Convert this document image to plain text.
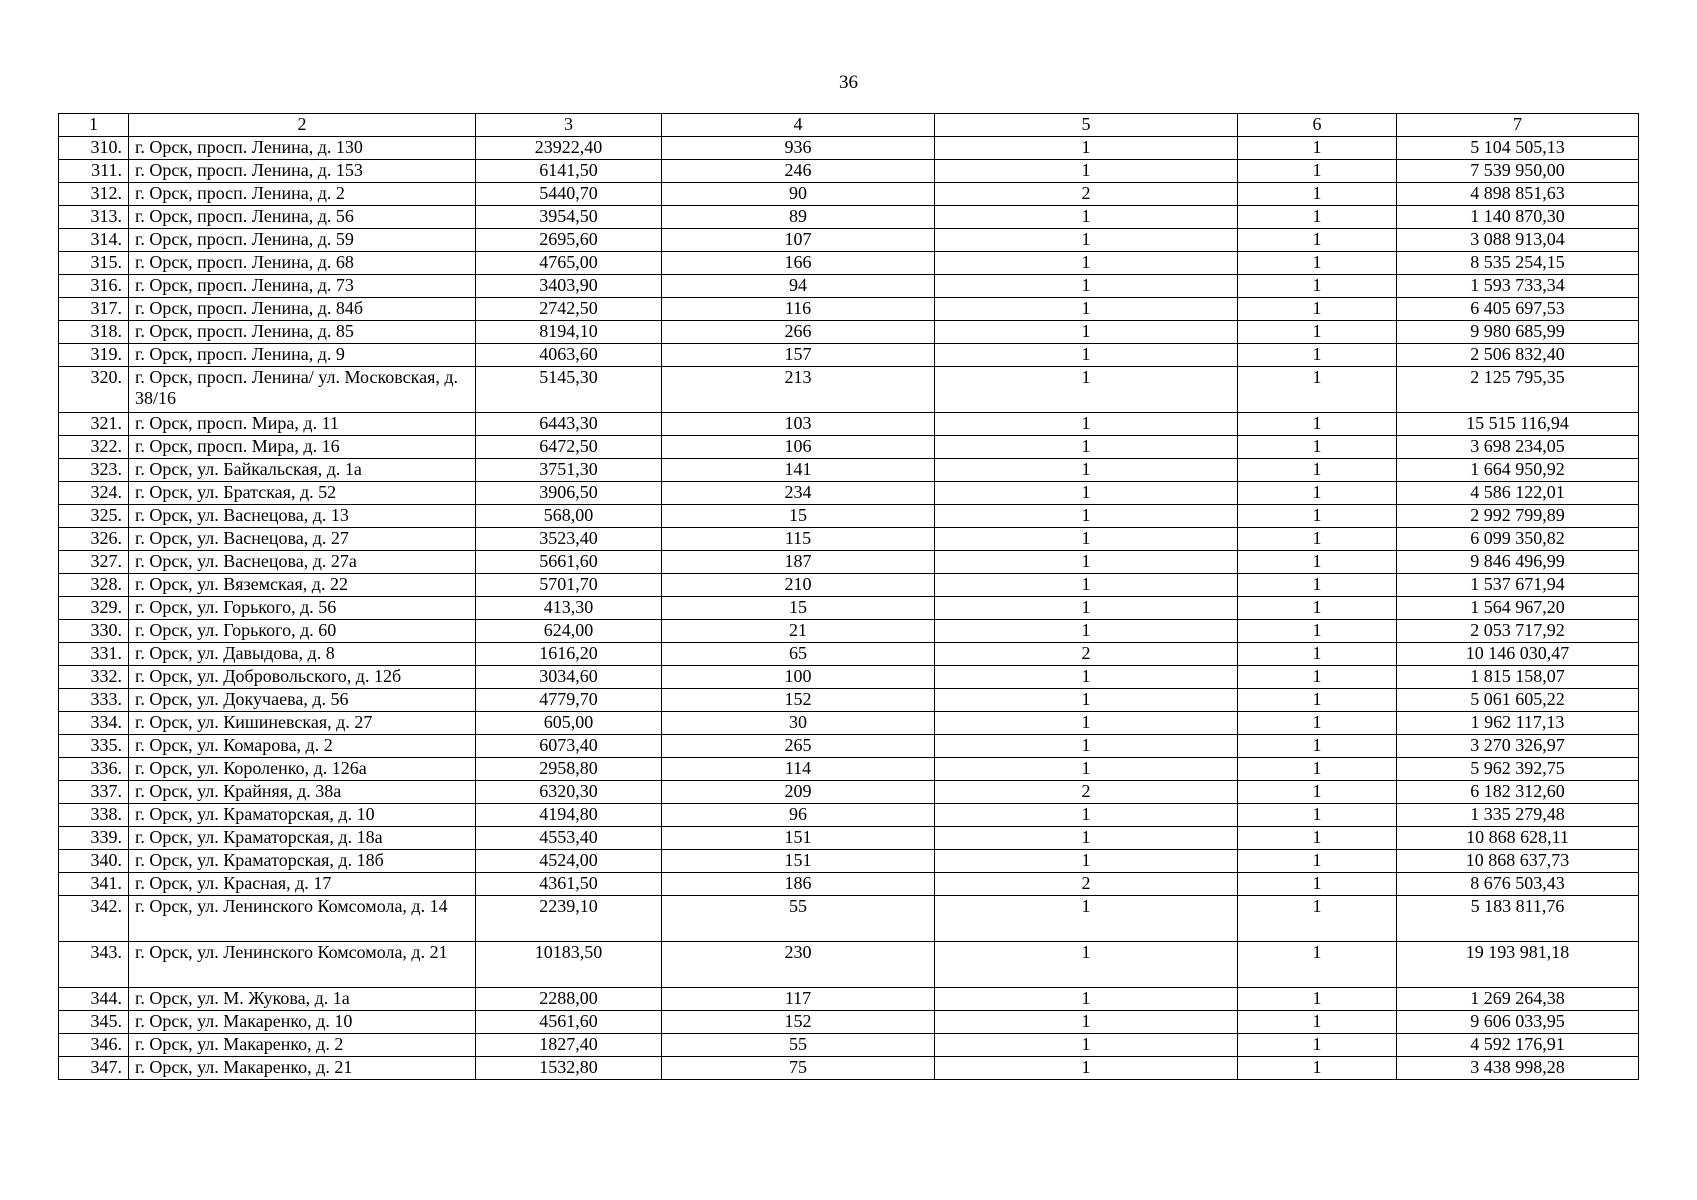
36
1	2	3	4	5	6	7
310.	г. Орск, просп. Ленина, д. 130	23922,40	936	1	1	5 104 505,13
311.	г. Орск, просп. Ленина, д. 153	6141,50	246	1	1	7 539 950,00
312.	г. Орск, просп. Ленина, д. 2	5440,70	90	2	1	4 898 851,63
313.	г. Орск, просп. Ленина, д. 56	3954,50	89	1	1	1 140 870,30
314.	г. Орск, просп. Ленина, д. 59	2695,60	107	1	1	3 088 913,04
315.	г. Орск, просп. Ленина, д. 68	4765,00	166	1	1	8 535 254,15
316.	г. Орск, просп. Ленина, д. 73	3403,90	94	1	1	1 593 733,34
317.	г. Орск, просп. Ленина, д. 84б	2742,50	116	1	1	6 405 697,53
318.	г. Орск, просп. Ленина, д. 85	8194,10	266	1	1	9 980 685,99
319.	г. Орск, просп. Ленина, д. 9	4063,60	157	1	1	2 506 832,40
320.	г. Орск, просп. Ленина/ ул. Московская, д. 38/16	5145,30	213	1	1	2 125 795,35
321.	г. Орск, просп. Мира, д. 11	6443,30	103	1	1	15 515 116,94
322.	г. Орск, просп. Мира, д. 16	6472,50	106	1	1	3 698 234,05
323.	г. Орск, ул. Байкальская, д. 1а	3751,30	141	1	1	1 664 950,92
324.	г. Орск, ул. Братская, д. 52	3906,50	234	1	1	4 586 122,01
325.	г. Орск, ул. Васнецова, д. 13	568,00	15	1	1	2 992 799,89
326.	г. Орск, ул. Васнецова, д. 27	3523,40	115	1	1	6 099 350,82
327.	г. Орск, ул. Васнецова, д. 27а	5661,60	187	1	1	9 846 496,99
328.	г. Орск, ул. Вяземская, д. 22	5701,70	210	1	1	1 537 671,94
329.	г. Орск, ул. Горького, д. 56	413,30	15	1	1	1 564 967,20
330.	г. Орск, ул. Горького, д. 60	624,00	21	1	1	2 053 717,92
331.	г. Орск, ул. Давыдова, д. 8	1616,20	65	2	1	10 146 030,47
332.	г. Орск, ул. Добровольского, д. 12б	3034,60	100	1	1	1 815 158,07
333.	г. Орск, ул. Докучаева, д. 56	4779,70	152	1	1	5 061 605,22
334.	г. Орск, ул. Кишиневская, д. 27	605,00	30	1	1	1 962 117,13
335.	г. Орск, ул. Комарова, д. 2	6073,40	265	1	1	3 270 326,97
336.	г. Орск, ул. Короленко, д. 126а	2958,80	114	1	1	5 962 392,75
337.	г. Орск, ул. Крайняя, д. 38а	6320,30	209	2	1	6 182 312,60
338.	г. Орск, ул. Краматорская, д. 10	4194,80	96	1	1	1 335 279,48
339.	г. Орск, ул. Краматорская, д. 18а	4553,40	151	1	1	10 868 628,11
340.	г. Орск, ул. Краматорская, д. 18б	4524,00	151	1	1	10 868 637,73
341.	г. Орск, ул. Красная, д. 17	4361,50	186	2	1	8 676 503,43
342.	г. Орск, ул. Ленинского Комсомола, д. 14	2239,10	55	1	1	5 183 811,76
343.	г. Орск, ул. Ленинского Комсомола, д. 21	10183,50	230	1	1	19 193 981,18
344.	г. Орск, ул. М. Жукова, д. 1а	2288,00	117	1	1	1 269 264,38
345.	г. Орск, ул. Макаренко, д. 10	4561,60	152	1	1	9 606 033,95
346.	г. Орск, ул. Макаренко, д. 2	1827,40	55	1	1	4 592 176,91
347.	г. Орск, ул. Макаренко, д. 21	1532,80	75	1	1	3 438 998,28
